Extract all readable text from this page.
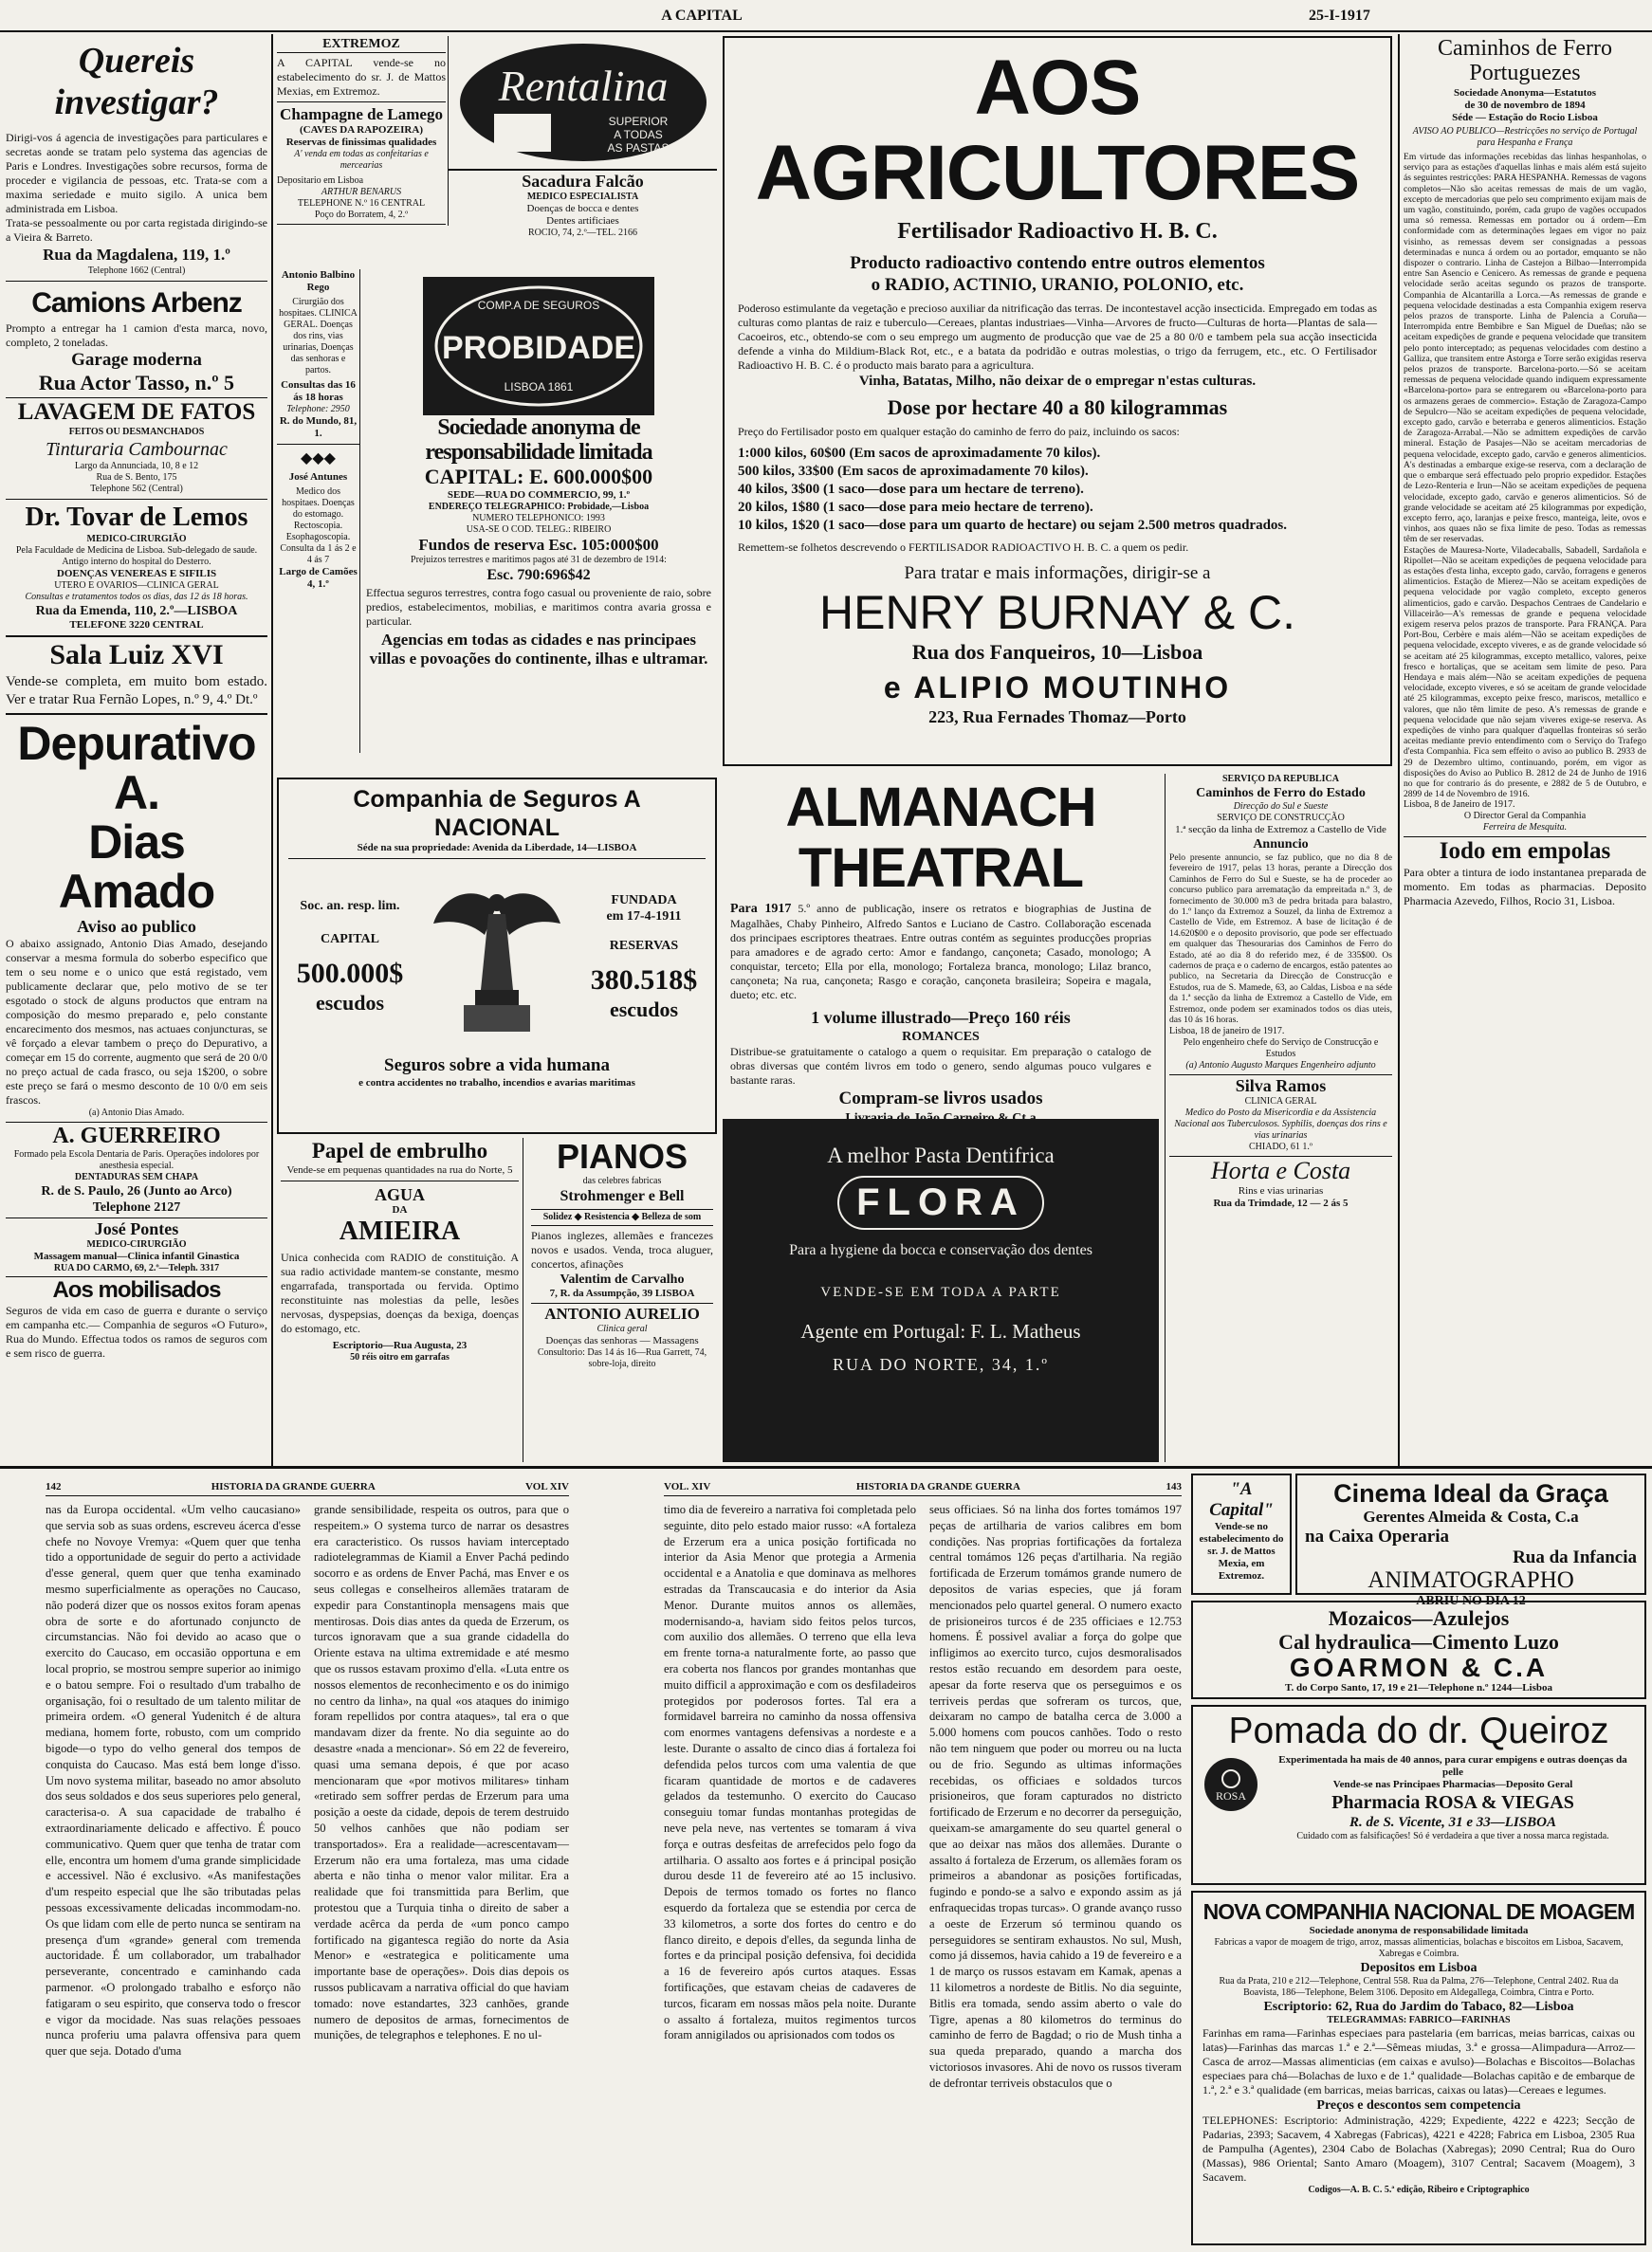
A CAPITAL	25-I-1917
Quereis investigar?
Dirigi-vos á agencia de investigações para particulares e secretas aonde se tratam pelo systema das agencias de Paris e Londres. Investigações sobre recursos, forma de proceder e vigilancia de pessoas, etc. Trata-se com a maxima seriedade e muito sigilo. A unica bem administrada em Lisboa.
Trata-se pessoalmente ou por carta registada dirigindo-se a Vieira & Barreto.
Rua da Magdalena, 119, 1.º
Telephone 1662 (Central)
Camions Arbenz
Prompto a entregar ha 1 camion d'esta marca, novo, completo, 2 toneladas.
Garage moderna
Rua Actor Tasso, n.º 5
LAVAGEM DE FATOS
FEITOS OU DESMANCHADOS
Tinturaria Cambournac
Largo da Annunciada, 10, 8 e 12
Rua de S. Bento, 175
Telephone 562 (Central)
Dr. Tovar de Lemos
MEDICO-CIRURGIÃO
Pela Faculdade de Medicina de Lisboa. Sub-delegado de saude. Antigo interno do hospital do Desterro.
DOENÇAS VENEREAS E SIFILIS
UTERO E OVARIOS—CLINICA GERAL
Consultas e tratamentos todos os dias, das 12 ás 18 horas.
Rua da Emenda, 110, 2.º—LISBOA
TELEFONE 3220 CENTRAL
Sala Luiz XVI
Vende-se completa, em muito bom estado. Ver e tratar Rua Fernão Lopes, n.º 9, 4.º Dt.º
Depurativo A.
Dias Amado
Aviso ao publico
O abaixo assignado, Antonio Dias Amado, desejando conservar a mesma formula do soberbo especifico que tem o seu nome e o unico que está registado, vem publicamente declarar que, pelo motivo de se ter esgotado o stock de alguns productos que entram na composição do mesmo preparado e, pelo constante encarecimento dos mesmos, nas actuaes conjuncturas, se vê forçado a elevar tambem o preço do Depurativo, a começar em 15 do corrente, augmento que será de 20 0/0 no preço actual de cada frasco, ou seja 1$200, o sobre este preço se fará o mesmo desconto de 10 0/0 em seis frascos.
(a) Antonio Dias Amado.
A. GUERREIRO
Formado pela Escola Dentaria de Paris. Operações indolores por anesthesia especial.
DENTADURAS SEM CHAPA
R. de S. Paulo, 26 (Junto ao Arco)
Telephone 2127
José Pontes
MEDICO-CIRURGIÃO
Massagem manual—Clinica infantil Ginastica
RUA DO CARMO, 69, 2.º—Teleph. 3317
Aos mobilisados
Seguros de vida em caso de guerra e durante o serviço em campanha etc.— Companhia de seguros «O Futuro», Rua do Mundo. Effectua todos os ramos de seguros com e sem risco de guerra.
EXTREMOZ
A CAPITAL vende-se no estabelecimento do sr. J. de Mattos Mexias, em Extremoz.
Champagne de Lamego
(CAVES DA RAPOZEIRA)
Reservas de finissimas qualidades
A' venda em todas as confeitarias e mercearias
Depositario em Lisboa
ARTHUR BENARUS
TELEPHONE N.º 16 CENTRAL
Poço do Borratem, 4, 2.º
Antonio Balbino Rego
Cirurgião dos hospitaes. CLINICA GERAL. Doenças dos rins, vias urinarias, Doenças das senhoras e partos.
Consultas das 16 ás 18 horas
Telephone: 2950
R. do Mundo, 81, 1.
◆◆◆
José Antunes
Medico dos hospitaes. Doenças do estomago. Rectoscopia. Esophagoscopia.
Consulta da 1 ás 2 e 4 ás 7
Largo de Camões 4, 1.º
Rentalina
SUPERIOR
A TODAS
AS PASTAS
Sacadura Falcão
MEDICO ESPECIALISTA
Doenças de bocca e dentes
Dentes artificiaes
ROCIO, 74, 2.º—TEL. 2166
COMP.A DE SEGUROS
PROBIDADE
LISBOA 1861
Sociedade anonyma de responsabilidade limitada
CAPITAL: E. 600.000$00
SEDE—RUA DO COMMERCIO, 99, 1.º
ENDEREÇO TELEGRAPHICO: Probidade,—Lisboa
NUMERO TELEPHONICO: 1993
USA-SE O COD. TELEG.: RIBEIRO
Fundos de reserva Esc. 105:000$00
Prejuizos terrestres e maritimos pagos até 31 de dezembro de 1914:
Esc. 790:696$42
Effectua seguros terrestres, contra fogo casual ou proveniente de raio, sobre predios, estabelecimentos, mobilias, e maritimos contra avaria grossa e particular.
Agencias em todas as cidades e nas principaes villas e povoações do continente, ilhas e ultramar.
AOS AGRICULTORES
Fertilisador Radioactivo H. B. C.
Producto radioactivo contendo entre outros elementos
o RADIO, ACTINIO, URANIO, POLONIO, etc.
Poderoso estimulante da vegetação e precioso auxiliar da nitrificação das terras. De incontestavel acção insecticida. Empregado em todas as culturas como plantas de raiz e tuberculo—Cereaes, plantas industriaes—Vinha—Arvores de fructo—Culturas de horta—Plantas de sala—Cacoeiros, etc., obtendo-se com o seu emprego um augmento de producção que vae de 25 a 80 0/0 e tambem pela sua acção insecticida defende a vinha do Mildium-Black Rot, etc., e a batata da podridão e outras molestias, o trigo da ferrugem, etc., etc. O Fertilisador Radioactivo H. B. C. é o producto mais barato para a agricultura.
Vinha, Batatas, Milho, não deixar de o empregar n'estas culturas.
Dose por hectare 40 a 80 kilogrammas
Preço do Fertilisador posto em qualquer estação do caminho de ferro do paiz, incluindo os sacos:
1:000 kilos, 60$00 (Em sacos de aproximadamente 70 kilos).
500 kilos, 33$00 (Em sacos de aproximadamente 70 kilos).
40 kilos, 3$00 (1 saco—dose para um hectare de terreno).
20 kilos, 1$80 (1 saco—dose para meio hectare de terreno).
10 kilos, 1$20 (1 saco—dose para um quarto de hectare) ou sejam 2.500 metros quadrados.
Remettem-se folhetos descrevendo o FERTILISADOR RADIOACTIVO H. B. C. a quem os pedir.
Para tratar e mais informações, dirigir-se a
HENRY BURNAY & C.
Rua dos Fanqueiros, 10—Lisboa
e ALIPIO MOUTINHO
223, Rua Fernades Thomaz—Porto
Caminhos de Ferro
Portuguezes
Sociedade Anonyma—Estatutos
de 30 de novembro de 1894
Séde — Estação do Rocio Lisboa
AVISO AO PUBLICO—Restricções no serviço de Portugal para Hespanha e França
Em virtude das informações recebidas das linhas hespanholas, o serviço para as estações d'aquellas linhas e mais além está sujeito ás seguintes restricções: PARA HESPANHA. Remessas de vagons completos—Não são aceitas remessas de mais de um vagão, excepto de mercadorias que pelo seu comprimento exijam mais de um vagão, constituindo, porém, cada grupo de vagões occupados uma só remessa. Remessas em portador ou á ordem—Em conformidade com as determinações legaes em vigor no paiz visinho, as remessas devem ser consignadas a pessoas determinadas e nunca á ordem ou ao portador, emquanto se não dispozer o contrario. Linha de Castejon a Bilbao—Interrompida entre San Asencio e Cenicero. As remessas de grande e pequena velocidade serão aceitas segundo os prazos de transporte. Companhia de Alcantarilla a Lorca.—As remessas de grande e pequena velocidade destinadas a esta Companhia exigem reserva pelos prazos de transporte. Linha de Palencia a Coruña—Interrompida entre Bembibre e San Miguel de Dueñas; não se aceitam expedições de grande e pequena velocidade que transitem pelo ponto interceptado; as pequenas velocidades com destino a Galliza, que transitem entre Astorga e Torre serão exigidas reserva pelos prazos de transporte. Barcelona-porto.—Só se aceitam remessas de pequena velocidade quando indiquem expressamente «Barcelona-porto» para se entregarem ou «Barcelona-porto para os armazens geraes de commercio». Estação de Zaragoza-Campo de Sepulcro—Não se aceitam expedições de pequena velocidade, excepto gado, carvão e beterraba e generos alimenticios. Estação de Zaragoza-Arrabal.—Não se admittem expedições de carvão mineral. Estação de Pasajes—Não se aceitam mercadorias de pequena velocidade, excepto gado, carvão e generos alimenticios. A's destinadas a embarque exige-se reserva, com a declaração de que o embarque será effectuado pelo proprio expedidor. Estações de Lezo-Renteria e Irun—Não se aceitam expedições de pequena velocidade, excepto gado, carvão e generos alimenticios. Só de grande velocidade se aceitam até 25 kilogrammas por expedição, excepto ferro, aço, laranjas e peixe fresco, manteiga, leite, ovos e vinhos, aos quaes não se fixa limite de peso. Todas as remessas têm de ser reservadas.
Estações de Mauresa-Norte, Viladecaballs, Sabadell, Sardañola e Ripollet—Não se aceitam expedições de pequena velocidade para as estações d'esta linha, excepto gado, carvão, forragens e generos alimenticios. Estação de Mierez—Não se aceitam expedições de pequena velocidade por vagão completo, excepto generos alimenticios, gado e carvão. Despachos Centraes de Candelario e Villaceirão—A's remessas de grande e pequena velocidade exigem reserva pelos prazos de transporte. Para FRANÇA. Para Port-Bou, Cerbère e mais além—Não se aceitam expedições de pequena velocidade, excepto viveres, e as de grande velocidade só se aceitam até 25 kilogrammas, excepto metallico, valores, peixe fresco e hortaliças, que se aceitam sem limite de peso. Para Hendaya e mais além—Não se aceitam expedições de pequena velocidade, excepto viveres, e só se aceitam de grande velocidade até 25 kilogrammas, excepto peixe fresco, mariscos, metallico e valores, que não têm limite de peso. A's remessas de grande e pequena velocidade que não sejam viveres exige-se reserva. As expedições de vinho para qualquer d'aquellas fronteiras só serão aceitas mediante previo entendimento com o Serviço do Trafego d'esta Companhia. Fica sem effeito o aviso ao publico B. 2933 de 29 de Dezembro ultimo, continuando, porém, em vigor as disposições do Aviso ao Publico B. 2812 de 24 de Junho de 1916 no que for contrario ás do presente, e 2882 de 5 de Outubro, e 2899 de 14 de Novembro de 1916.
Lisboa, 8 de Janeiro de 1917.
O Director Geral da Companhia
Ferreira de Mesquita.
Iodo em empolas
Para obter a tintura de iodo instantanea preparada de momento. Em todas as pharmacias. Deposito Pharmacia Azevedo, Filhos, Rocio 31, Lisboa.
Companhia de Seguros A NACIONAL
Séde na sua propriedade: Avenida da Liberdade, 14—LISBOA
Soc. an. resp. lim.
CAPITAL
500.000$
escudos
FUNDADA
em 17-4-1911
RESERVAS
380.518$
escudos
Seguros sobre a vida humana
e contra accidentes no trabalho, incendios e avarias maritimas
Papel de embrulho
Vende-se em pequenas quantidades na rua do Norte, 5
AGUA
DA
AMIEIRA
Unica conhecida com RADIO de constituição. A sua radio actividade mantem-se constante, mesmo engarrafada, transportada ou fervida. Optimo reconstituinte nas molestias da pelle, lesões nervosas, dyspepsias, doenças da bexiga, doenças do estomago, etc.
Escriptorio—Rua Augusta, 23
50 réis oitro em garrafas
PIANOS
das celebres fabricas
Strohmenger e Bell
Solidez ◆ Resistencia ◆ Belleza de som
Pianos inglezes, allemães e francezes novos e usados. Venda, troca aluguer, concertos, afinações
Valentim de Carvalho
7, R. da Assumpção, 39 LISBOA
ANTONIO AURELIO
Clinica geral
Doenças das senhoras — Massagens
Consultorio: Das 14 ás 16—Rua Garrett, 74, sobre-loja, direito
ALMANACH THEATRAL
Para 1917 5.º anno de publicação, insere os retratos e biographias de Justina de Magalhães, Chaby Pinheiro, Alfredo Santos e Luciano de Castro. Collaboração escenada dos principaes escriptores theatraes. Entre outras contém as seguintes producções proprias para amadores e de agrado certo: Amor e fandango, cançoneta; Casado, monologo; A conquistar, terceto; Ella por ella, monologo; Fortaleza branca, monologo; Lilaz branco, cançoneta; Na rua, cançoneta; Rasgo e coração, cançoneta brasileira; Sopeira e magala, dueto; etc. etc.
1 volume illustrado—Preço 160 réis
ROMANCES
Distribue-se gratuitamente o catalogo a quem o requisitar. Em preparação o catalogo de obras diversas que contém livros em todo o genero, sendo algumas pouco vulgares e bastante raras.
Compram-se livros usados
A melhor Pasta Dentifrica
FLORA
Para a hygiene da bocca e conservação dos dentes
VENDE-SE EM TODA A PARTE
Agente em Portugal: F. L. Matheus
RUA DO NORTE, 34, 1.º
SERVIÇO DA REPUBLICA
Caminhos de Ferro do Estado
Direcção do Sul e Sueste
SERVIÇO DE CONSTRUCÇÃO
1.ª secção da linha de Extremoz a Castello de Vide
Annuncio
Pelo presente annuncio, se faz publico, que no dia 8 de fevereiro de 1917, pelas 13 horas, perante a Direcção dos Caminhos de Ferro do Sul e Sueste, se ha de proceder ao concurso publico para arrematação da empreitada n.º 3, de fornecimento de 30.000 m3 de pedra britada para balastro, do 1.º lanço da Extremoz a Souzel, da linha de Extremoz a Castello de Vide, em Estremoz. A base de licitação é de 14.620$00 e o deposito provisorio, que pode ser effectuado em qualquer das Thesourarias dos Caminhos de Ferro do Estado, até ao dia 8 do referido mez, é de 335$00. Os cadernos de praça e o caderno de encargos, estão patentes ao publico, na Secretaria da Direcção de Construcção e Estudos, rua de S. Mamede, 63, ao Caldas, Lisboa e na séde da 1.ª secção da linha de Extremoz a Castello de Vide, em Estremoz, onde podem ser examinados todos os dias uteis, das 10 ás 16 horas.
Lisboa, 18 de janeiro de 1917.
Pelo engenheiro chefe do Serviço de Construcção e Estudos
(a) Antonio Augusto Marques Engenheiro adjunto
Silva Ramos
CLINICA GERAL
Medico do Posto da Misericordia e da Assistencia Nacional aos Tuberculosos. Syphilis, doenças dos rins e vias urinarias
CHIADO, 61 1.º
Horta e Costa
Rins e vias urinarias
Rua da Trimdade, 12 — 2 ás 5
142	HISTORIA DA GRANDE GUERRA	VOL XIV
nas da Europa occidental. «Um velho caucasiano» que servia sob as suas ordens, escreveu ácerca d'esse chefe no Novoye Vremya: «Quem quer que tenha tido a opportunidade de seguir do perto a actividade d'esse general, quem quer que tenha examinado mesmo superficialmente as operações no Caucaso, não poderá dizer que os nossos exitos foram apenas obra de sorte e do afortunado conjuncto de circumstancias. Não foi devido ao acaso que o exercito do Caucaso, em occasião opportuna e em local proprio, se mostrou sempre superior ao inimigo e o batou sempre. Foi o resultado d'um trabalho de organisação, foi o resultado de um talento militar de primeira ordem. «O general Yudenitch é de altura mediana, homem forte, robusto, com um comprido bigode—o typo do velho general dos tempos de conquista do Caucaso. Mas está bem longe d'isso. Um novo systema militar, baseado no amor absoluto dos seus soldados e dos seus superiores pelo general, caracterisa-o. A sua capacidade de trabalho é extraordinariamente delicado e affectivo. É pouco communicativo. Quem quer que tenha de tratar com elle, encontra um homem d'uma grande simplicidade e accessivel. Não é exclusivo. «As manifestações d'um respeito especial que lhe são tributadas pelas pessoas excessivamente delicadas incommodam-no. Os que lidam com elle de perto nunca se sentiram na presença d'um «grande» general com tremenda auctoridade. É um collaborador, um trabalhador perseverante, concentrado e caminhando cada parmenor. «O prolongado trabalho e esforço não fatigaram o seu espirito, que conserva todo o frescor e vigor da mocidade. Nas suas relações pessoaes nunca proferiu uma palavra offensiva para quem quer que seja. Dotado d'uma
grande sensibilidade, respeita os outros, para que o respeitem.» O systema turco de narrar os desastres era caracteristico. Os russos haviam interceptado radiotelegrammas de Kiamil a Enver Pachá pedindo socorro e as ordens de Enver Pachá, mas Enver e os seus collegas e conselheiros allemães trataram de expedir para Constantinopla mensagens mais que mentirosas. Dois dias antes da queda de Erzerum, os turcos ignoravam que a sua grande cidadella do Oriente estava na ultima extremidade e até mesmo que os russos estavam proximo d'ella. «Luta entre os nossos elementos de reconhecimento e os do inimigo no centro da linha», na qual «os ataques do inimigo foram repellidos por contra ataques», tal era o que mandavam dizer da frente. No dia seguinte ao do desastre «nada a mencionar». Só em 22 de fevereiro, quasi uma semana depois, é que por acaso mencionaram que «por motivos militares» tinham «retirado sem soffrer perdas de Erzerum para uma posição a oeste da cidade, depois de terem destruido 50 velhos canhões que não podiam ser transportados». Era a realidade—acrescentavam—Erzerum não era uma fortaleza, mas uma cidade aberta e não tinha o menor valor militar. Era a realidade que foi transmittida para Berlim, que protestou que a Turquia tinha o direito de saber a verdade acêrca da perda de «um ponco campo fortificado na gigantesca região do norte da Asia Menor» e «estrategica e politicamente uma importante base de operações». Dois dias depois os russos publicavam a narrativa official do que haviam tomado: nove estandartes, 323 canhões, grande numero de depositos de armas, fornecimentos de munições, de telegraphos e telephones. E no ul-
VOL. XIV	HISTORIA DA GRANDE GUERRA	143
timo dia de fevereiro a narrativa foi completada pelo seguinte, dito pelo estado maior russo: «A fortaleza de Erzerum era a unica posição fortificada no interior da Asia Menor que protegia a Armenia occidental e a Anatolia e que dominava as melhores estradas da Transcaucasia e do interior da Asia Menor. Durante muitos annos os allemães, modernisando-a, haviam sido feitos pelos turcos, com auxilio dos allemães. O terreno que ella leva em frente torna-a naturalmente forte, ao passo que era coberta nos flancos por grandes montanhas que muito difficil a approximação e com os desfiladeiros protegidos por poderosos fortes. Tal era a formidavel barreira no caminho da nossa offensiva com enormes vantagens defensivas a nordeste e a leste. Durante o assalto de cinco dias á fortaleza foi defendida pelos turcos com uma valentia de que ficaram quantidade de mortos e de cadaveres gelados da testemunho. O exercito do Caucaso conseguiu tomar fundas montanhas protegidas de neve pela neve, nas vertentes se tomaram á viva força e outras desfeitas de arrefecidos pelo fogo da artilharia. O assalto aos fortes e á principal posição durou desde 11 de fevereiro até ao 15 inclusivo. Depois de termos tomado os fortes no flanco esquerdo da fortaleza que se estendia por cerca de 33 kilometros, a sorte dos fortes do centro e do flanco direito, e depois d'elles, da segunda linha de fortes e da principal posição defensiva, foi decidida a 16 de fevereiro após curtos ataques. Essas fortificações, que estavam cheias de cadaveres de turcos, ficaram em nossas mãos pela noite. Durante o assalto á fortaleza, muitos regimentos turcos foram annigilados ou aprisionados com todos os
seus officiaes. Só na linha dos fortes tomámos 197 peças de artilharia de varios calibres em bom condições. Nas proprias fortificações da fortaleza central tomámos 126 peças d'artilharia. Na região fortificada de Erzerum tomámos grande numero de depositos de varias especies, que já foram mencionados pelo quartel general. O numero exacto de prisioneiros turcos é de 235 officiaes e 12.753 homens. É possivel avaliar a força do golpe que infligimos ao exercito turco, cujos desmoralisados restos estão recuando em desordem para oeste, apesar da forte reserva que os perseguimos e os terriveis perdas que sofreram os turcos, que, deixaram no campo de batalha cerca de 3.000 a 5.000 homens com poucos canhões. Todo o resto não tem ninguem que poder ou morreu ou na lucta ou de frio. Segundo as ultimas informações recebidas, os officiaes e soldados turcos prisioneiros, que foram capturados no districto fortificado de Erzerum e no decorrer da perseguição, queixam-se amargamente do seu quartel general o que ao deixar nas mãos dos allemães. Durante o assalto á fortaleza de Erzerum, os allemães foram os primeiros a abandonar as posições fortificadas, fugindo e pondo-se a salvo e expondo assim as já enfraquecidas tropas turcas». O grande avanço russo a oeste de Erzerum só terminou quando os perseguidores se sentiram exhaustos. No sul, Mush, como já dissemos, havia cahido a 19 de fevereiro e a 1 de março os russos estavam em Kamak, apenas a 11 kilometros a nordeste de Bitlis. No dia seguinte, Bitlis era tomada, sendo assim aberto o vale do Tigre, apenas a 80 kilometros do terminus do caminho de ferro de Bagdad; o rio de Mush tinha a sua queda preparado, quando a marcha dos victoriosos invasores. Ahi de novo os russos tiveram de defrontar terriveis obstaculos que o
"A Capital"
Vende-se no estabelecimento do sr. J. de Mattos Mexia, em Extremoz.
Cinema Ideal da Graça
Gerentes Almeida & Costa, C.a
na Caixa Operaria
Rua da Infancia
ANIMATOGRAPHO
ABRIU NO DIA 12
Mozaicos—Azulejos
Cal hydraulica—Cimento Luzo
GOARMON & C.A
T. do Corpo Santo, 17, 19 e 21—Telephone n.º 1244—Lisboa
Pomada do dr. Queiroz
ROSA
Experimentada ha mais de 40 annos, para curar empigens e outras doenças da pelle
Vende-se nas Principaes Pharmacias—Deposito Geral
Pharmacia ROSA & VIEGAS
R. de S. Vicente, 31 e 33—LISBOA
Cuidado com as falsificações! Só é verdadeira a que tiver a nossa marca registada.
NOVA COMPANHIA NACIONAL DE MOAGEM
Sociedade anonyma de responsabilidade limitada
Fabricas a vapor de moagem de trigo, arroz, massas alimenticias, bolachas e biscoitos em Lisboa, Sacavem, Xabregas e Coimbra.
Depositos em Lisboa
Rua da Prata, 210 e 212—Telephone, Central 558. Rua da Palma, 276—Telephone, Central 2402. Rua da Boavista, 186—Telephone, Belem 3106. Deposito em Aldegallega, Coimbra, Cintra e Porto.
Escriptorio: 62, Rua do Jardim do Tabaco, 82—Lisboa
TELEGRAMMAS: FABRICO—FARINHAS
Farinhas em rama—Farinhas especiaes para pastelaria (em barricas, meias barricas, caixas ou latas)—Farinhas das marcas 1.ª e 2.ª—Sêmeas miudas, 3.ª e grossa—Alimpadura—Arroz—Casca de arroz—Massas alimenticias (em caixas e avulso)—Bolachas e Biscoitos—Bolachas especiaes para chá—Bolachas de luxo e de 1.ª qualidade—Bolachas capitão e de embarque de 1.ª, 2.ª e 3.ª qualidade (em barricas, meias barricas, caixas ou latas)—Cereaes e legumes.
Preços e descontos sem competencia
TELEPHONES: Escriptorio: Administração, 4229; Expediente, 4222 e 4223; Secção de Padarias, 2393; Sacavem, 4 Xabregas (Fabricas), 4221 e 4228; Fabrica em Lisboa, 2305 Rua de Pampulha (Agentes), 2304 Cabo de Bolachas (Xabregas); 2090 Central; Rua do Ouro (Massas), 986 Oriental; Santo Amaro (Moagem), 3107 Central; Sacavem (Moagem), 3 Sacavem.
Codigos—A. B. C. 5.ª edição, Ribeiro e Criptographico
